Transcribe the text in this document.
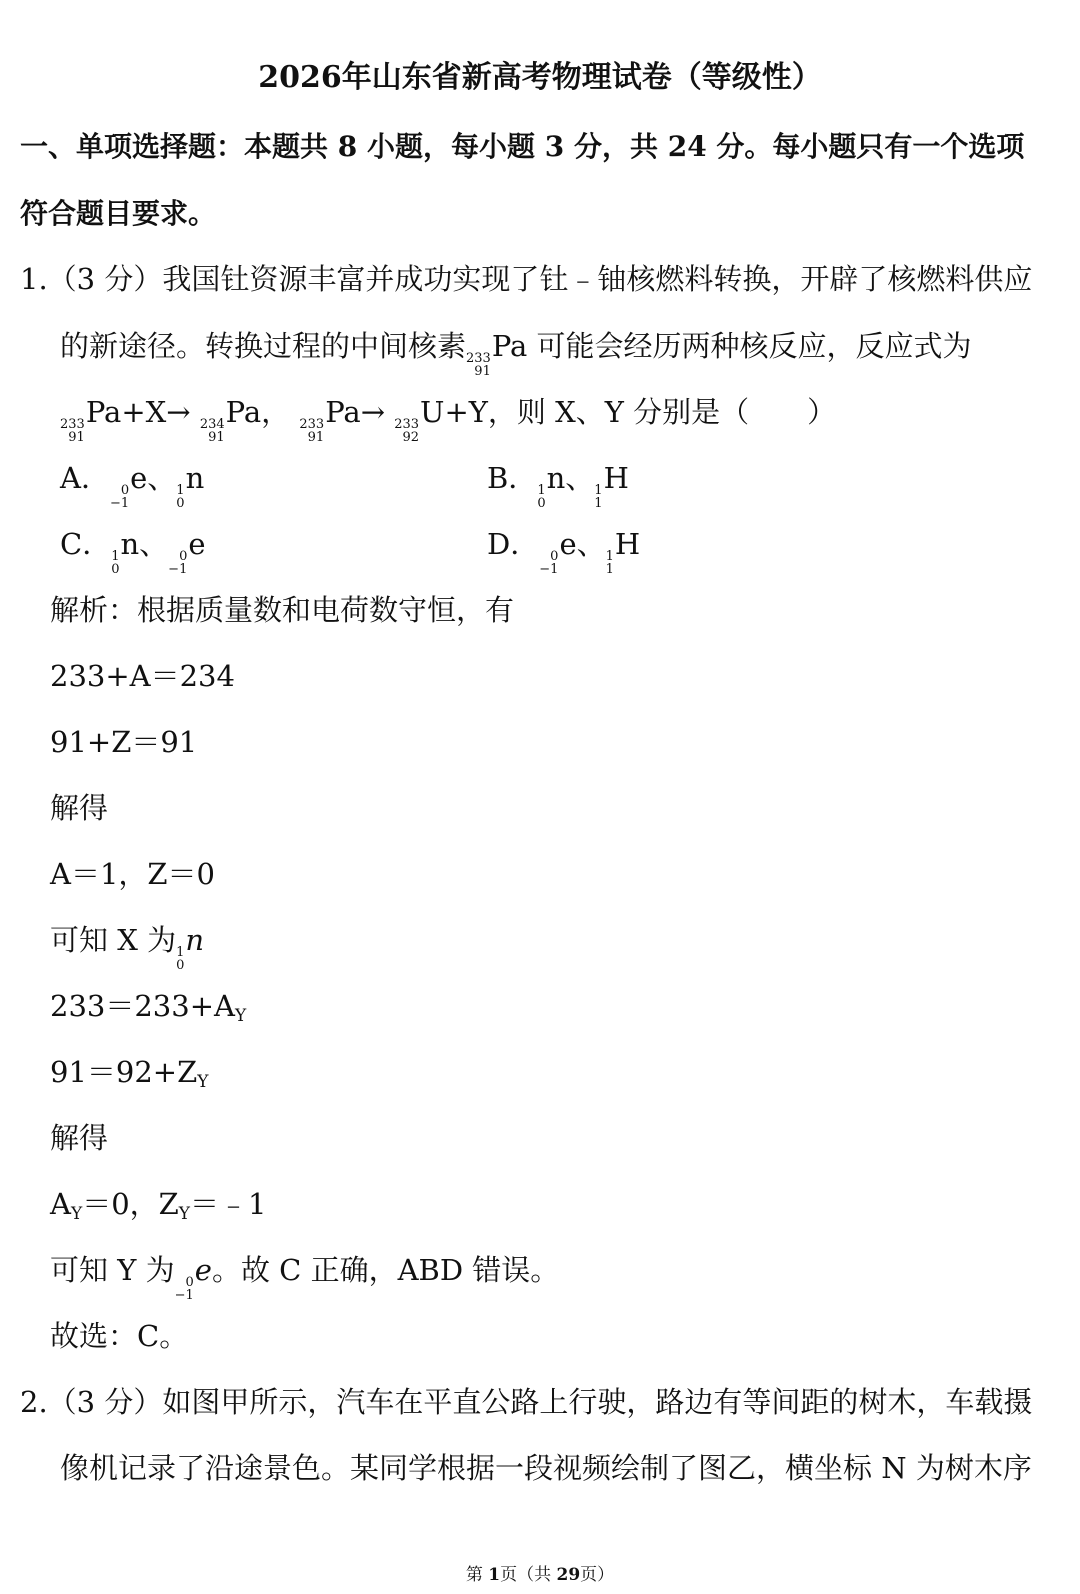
2026年山东省新高考物理试卷（等级性）
一、单项选择题：本题共 8 小题，每小题 3 分，共 24 分。每小题只有一个选项
符合题目要求。
1.（3 分）我国钍资源丰富并成功实现了钍﹣铀核燃料转换，开辟了核燃料供应
的新途径。转换过程的中间核素 233
91
Pa 可能会经历两种核反应，反应式为
233
91
Pa+X→ 234
91
Pa， 233
91
Pa→ 233
92
U+Y，则 X、Y 分别是（　　）
A． 0
−1
e、 1
0
n	B． 1
0
n、 1
1
H
C． 1
0
n、 0
−1
e	D． 0
−1
e、 1
1
H
解析：根据质量数和电荷数守恒，有
233+A＝234
91+Z＝91
解得
A＝1，Z＝0
可知 X 为 1
0
n
$233=233+A_Y$
$91=92+Z_Y$
解得
$A_Y=0$，$Z_Y=﹣1$
可知 Y 为 0
−1
e。故 C 正确，ABD 错误。
故选：C。
2.（3 分）如图甲所示，汽车在平直公路上行驶，路边有等间距的树木，车载摄
像机记录了沿途景色。某同学根据一段视频绘制了图乙，横坐标 N 为树木序
第 1页（共 29页）
